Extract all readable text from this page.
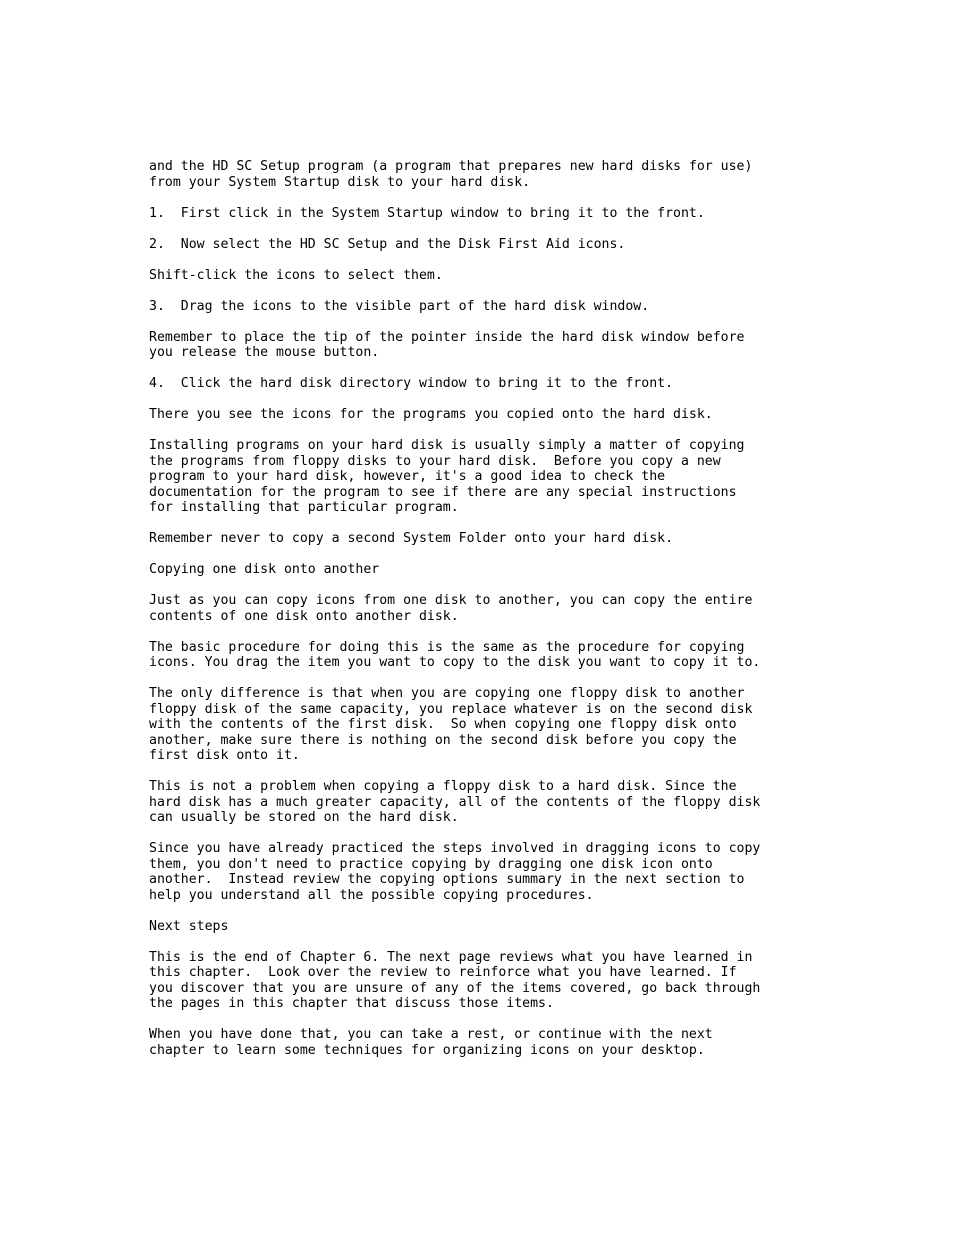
and the HD SC Setup program (a program that prepares new hard disks for use)
from your System Startup disk to your hard disk.

1.  First click in the System Startup window to bring it to the front.

2.  Now select the HD SC Setup and the Disk First Aid icons.

Shift-click the icons to select them.

3.  Drag the icons to the visible part of the hard disk window.

Remember to place the tip of the pointer inside the hard disk window before
you release the mouse button.

4.  Click the hard disk directory window to bring it to the front.

There you see the icons for the programs you copied onto the hard disk.

Installing programs on your hard disk is usually simply a matter of copying
the programs from floppy disks to your hard disk.  Before you copy a new
program to your hard disk, however, it's a good idea to check the
documentation for the program to see if there are any special instructions
for installing that particular program.

Remember never to copy a second System Folder onto your hard disk.

Copying one disk onto another

Just as you can copy icons from one disk to another, you can copy the entire
contents of one disk onto another disk.

The basic procedure for doing this is the same as the procedure for copying
icons. You drag the item you want to copy to the disk you want to copy it to.

The only difference is that when you are copying one floppy disk to another
floppy disk of the same capacity, you replace whatever is on the second disk
with the contents of the first disk.  So when copying one floppy disk onto
another, make sure there is nothing on the second disk before you copy the
first disk onto it.

This is not a problem when copying a floppy disk to a hard disk. Since the
hard disk has a much greater capacity, all of the contents of the floppy disk
can usually be stored on the hard disk.

Since you have already practiced the steps involved in dragging icons to copy
them, you don't need to practice copying by dragging one disk icon onto
another.  Instead review the copying options summary in the next section to
help you understand all the possible copying procedures.

Next steps

This is the end of Chapter 6. The next page reviews what you have learned in
this chapter.  Look over the review to reinforce what you have learned. If
you discover that you are unsure of any of the items covered, go back through
the pages in this chapter that discuss those items.

When you have done that, you can take a rest, or continue with the next
chapter to learn some techniques for organizing icons on your desktop.
